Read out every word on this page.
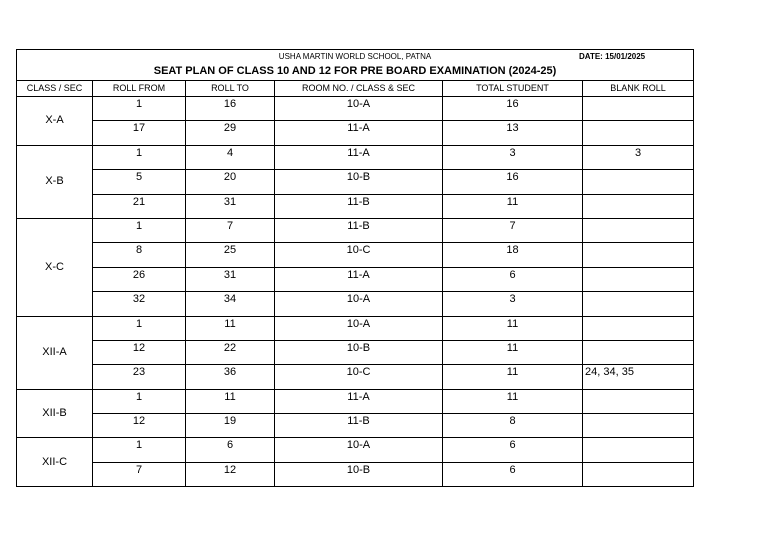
USHA MARTIN WORLD SCHOOL, PATNA
SEAT PLAN OF CLASS 10 AND 12 FOR PRE BOARD EXAMINATION (2024-25)
DATE: 15/01/2025					

CLASS / SEC	ROLL FROM	ROLL TO	ROOM NO. / CLASS & SEC	TOTAL STUDENT	BLANK ROLL
X-A	1	16	10-A	16	
	17	29	11-A	13	
X-B	1	4	11-A	3	3
	5	20	10-B	16	
	21	31	11-B	11	
X-C	1	7	11-B	7	
	8	25	10-C	18	
	26	31	11-A	6	
	32	34	10-A	3	
XII-A	1	11	10-A	11	
	12	22	10-B	11	
	23	36	10-C	11	24, 34, 35
XII-B	1	11	11-A	11	
	12	19	11-B	8	
XII-C	1	6	10-A	6	
	7	12	10-B	6	
